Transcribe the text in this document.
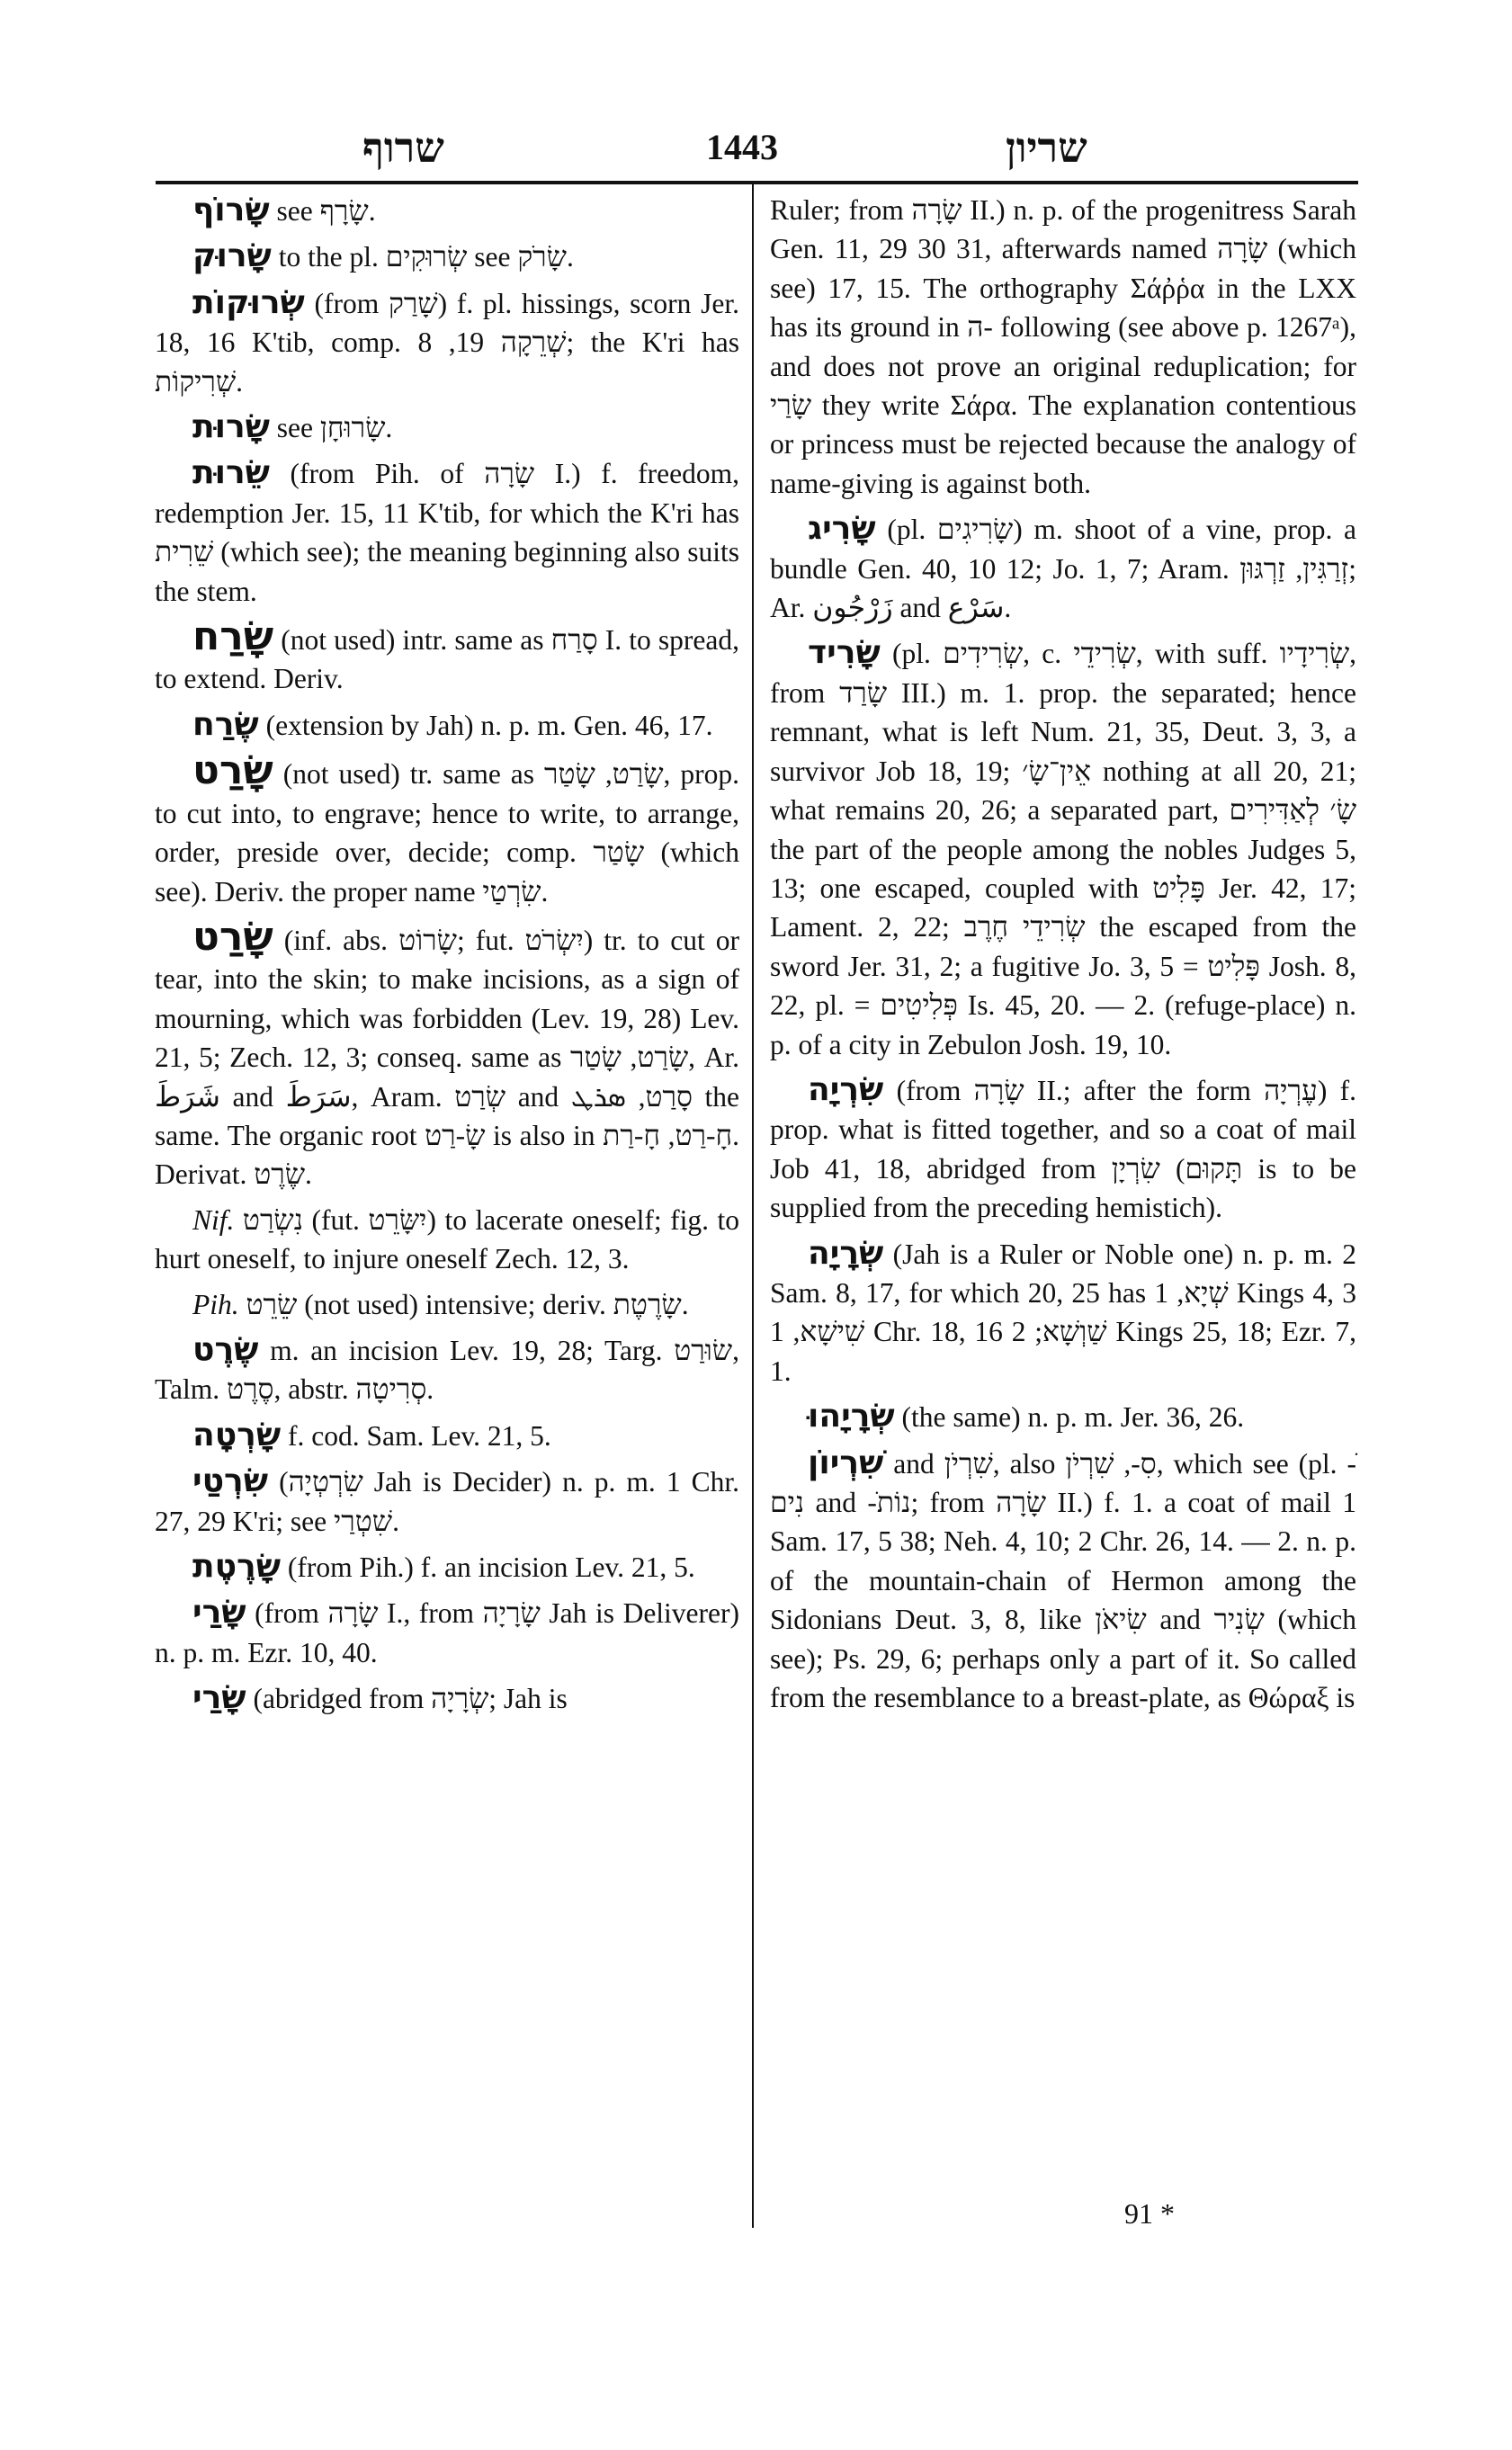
שרוף	1443	שריון

שָׂרוֹף see שָׂרָף.

שָׂרוּק to the pl. שְׂרוּקִים see שָׂרֹק.

שְׂרוּקוֹת (from שָׁרַק) f. pl. hissings, scorn Jer. 18, 16 K'tib, comp. שְׁרֵקָה 19, 8; the K'ri has שְׁרִיקוֹת.

שָׂרוּת see שָׂרוּחָן.

שֵׂרוּת (from Pih. of שָׂרָה I.) f. freedom, redemption Jer. 15, 11 K'tib, for which the K'ri has שֵׁרִית (which see); the meaning beginning also suits the stem.

שָׂרַח (not used) intr. same as סָרַח I. to spread, to extend. Deriv.

שֶׂרַח (extension by Jah) n. p. m. Gen. 46, 17.

שָׂרַט (not used) tr. same as שָׂרַט, שָׂטַר, prop. to cut into, to engrave; hence to write, to arrange, order, preside over, decide; comp. שָׂטַר (which see). Deriv. the proper name שִׂרְטַי.

שָׂרַט (inf. abs. שָׂרוֹט; fut. יִשְׂרֹט) tr. to cut or tear, into the skin; to make incisions, as a sign of mourning, which was forbidden (Lev. 19, 28) Lev. 21, 5; Zech. 12, 3; conseq. same as שָׂרַט, שָׂטַר, Ar. شَرَطَ and سَرَطَ, Aram. שְׂרַט and סָרַט, ܣܪܛ the same. The organic root שָׂ-רַט is also in חָ-רַט, חָ-רַת. Derivat. שֶׂרֶט.

Nif. נִשְׂרַט (fut. יִשָּׂרֵט) to lacerate oneself; fig. to hurt oneself, to injure oneself Zech. 12, 3.

Pih. שֵׂרֵט (not used) intensive; deriv. שָׂרֶטֶת.

שֶׂרֶט m. an incision Lev. 19, 28; Targ. שׂוּרַט, Talm. סֶרֶט, abstr. סְרִיטָה.

שָׂרְטָה f. cod. Sam. Lev. 21, 5.

שִׂרְטַי (שִׂרְטְיָה Jah is Decider) n. p. m. 1 Chr. 27, 29 K'ri; see שִׁטְרַי.

שָׂרֶטֶת (from Pih.) f. an incision Lev. 21, 5.

שָׂרַי (from שָׂרָה I., from שָׂרָיָה Jah is Deliverer) n. p. m. Ezr. 10, 40.

שָׂרַי (abridged from שְׂרָיָה; Jah is

Ruler; from שָׂרָה II.) n. p. of the progenitress Sarah Gen. 11, 29 30 31, afterwards named שָׂרָה (which see) 17, 15. The orthography Σάῤῥα in the LXX has its ground in ה- following (see above p. 1267ᵃ), and does not prove an original reduplication; for שָׂרַי they write Σάρα. The explanation contentious or princess must be rejected because the analogy of name-giving is against both.

שָׂרִיג (pl. שָׂרִיגִים) m. shoot of a vine, prop. a bundle Gen. 40, 10 12; Jo. 1, 7; Aram. זְרַגִּין, זַרְגּוּן; Ar. زَرْجُون and سَرْع.

שָׂרִיד (pl. שְׂרִידִים, c. שְׂרִידֵי, with suff. שְׂרִידָיו, from שָׂרַד III.) m. 1. prop. the separated; hence remnant, what is left Num. 21, 35, Deut. 3, 3, a survivor Job 18, 19; אֵין־שָׂ׳ nothing at all 20, 21; what remains 20, 26; a separated part, שָׂ׳ לְאַדִּירִים the part of the people among the nobles Judges 5, 13; one escaped, coupled with פָּלִיט Jer. 42, 17; Lament. 2, 22; שְׂרִידֵי חֶרֶב the escaped from the sword Jer. 31, 2; a fugitive Jo. 3, 5 = פָּלִיט Josh. 8, 22, pl. = פְּלִיטִים Is. 45, 20. — 2. (refuge-place) n. p. of a city in Zebulon Josh. 19, 10.

שִׂרְיָה (from שָׂרָה II.; after the form עֶרְיָה) f. prop. what is fitted together, and so a coat of mail Job 41, 18, abridged from שִׂרְיָן (תָּקוּם is to be supplied from the preceding hemistich).

שְׂרָיָה (Jah is a Ruler or Noble one) n. p. m. 2 Sam. 8, 17, for which 20, 25 has שְׁיָא, 1 Kings 4, 3 שִׁישָׁא, 1 Chr. 18, 16 שַׁוְשָׁא; 2 Kings 25, 18; Ezr. 7, 1.

שְׂרָיָהוּ (the same) n. p. m. Jer. 36, 26.

שִׁרְיוֹן and שִׁרְיֹן, also סִ-, שִׁרְיֹן, which see (pl. -ֹנִים and -ֹנוֹת; from שָׂרָה II.) f. 1. a coat of mail 1 Sam. 17, 5 38; Neh. 4, 10; 2 Chr. 26, 14. — 2. n. p. of the mountain-chain of Hermon among the Sidonians Deut. 3, 8, like שִׂיאֹן and שְׂנִיר (which see); Ps. 29, 6; perhaps only a part of it. So called from the resemblance to a breast-plate, as Θώραξ is

91 *
